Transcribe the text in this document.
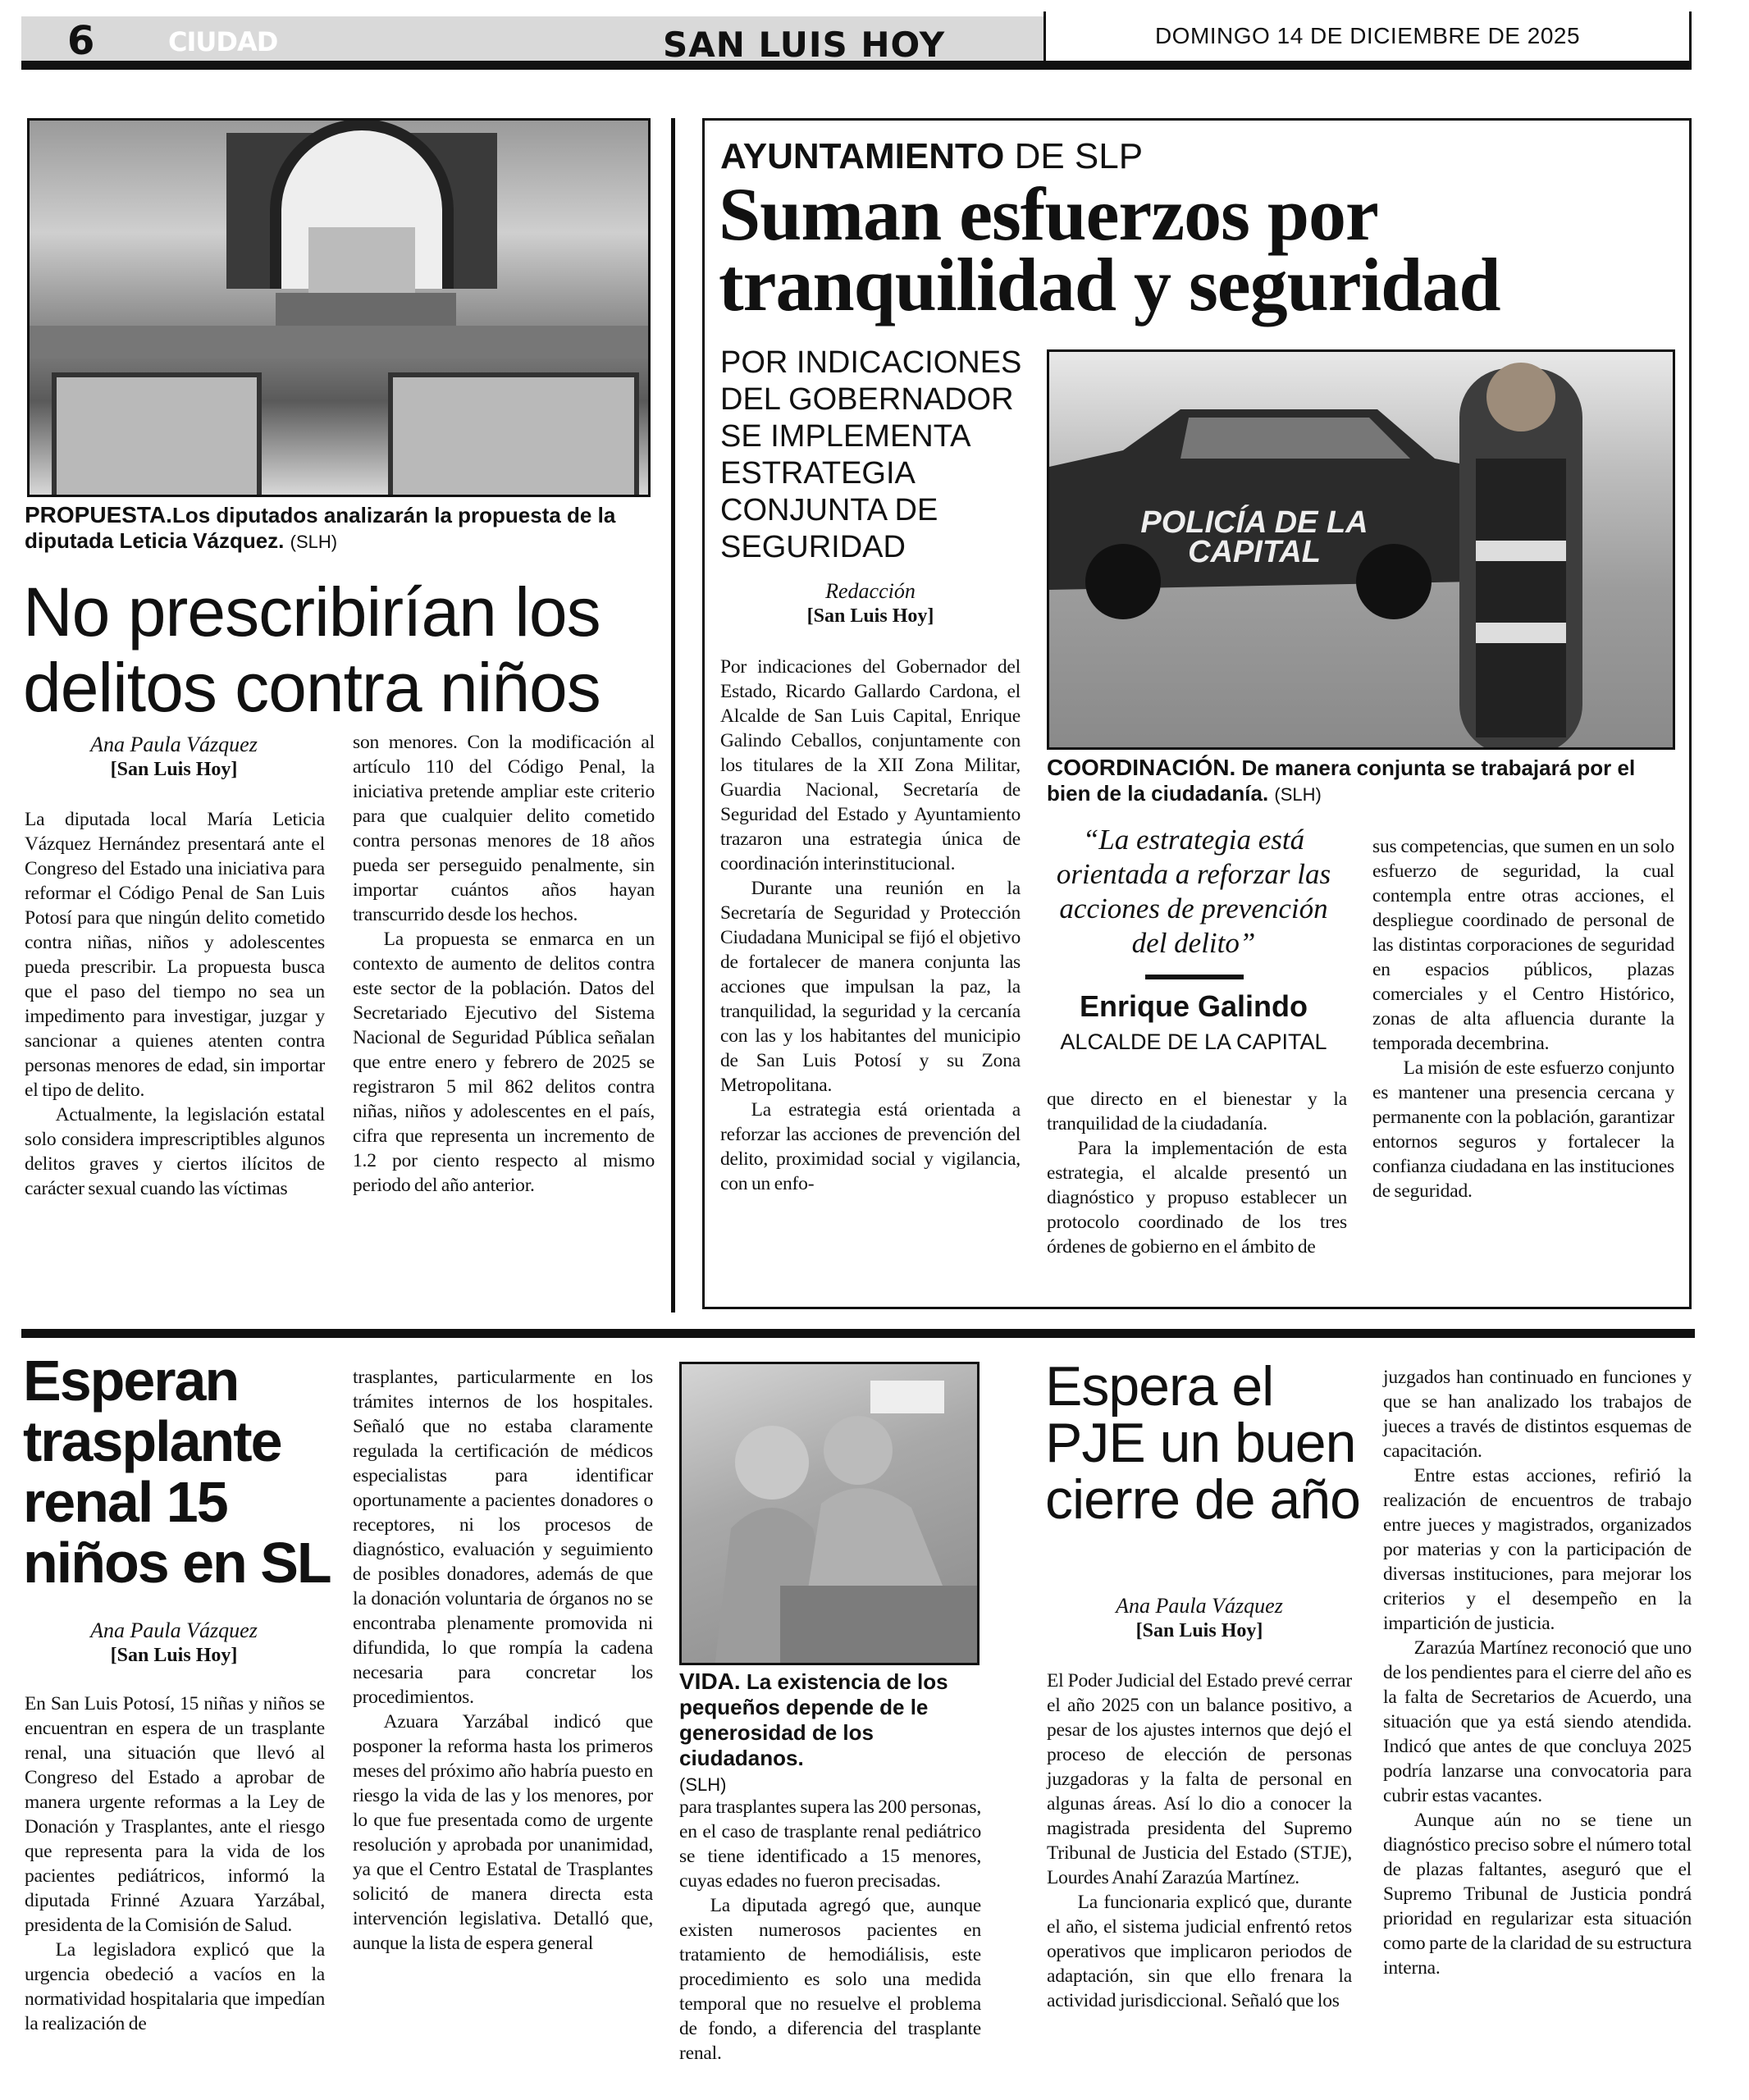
6	CIUDAD	SAN LUIS HOY	DOMINGO 14 DE DICIEMBRE DE 2025
PROPUESTA.Los diputados analizarán la propuesta de la diputada Leticia Vázquez. (SLH)
No prescribirían los delitos contra niños
Ana Paula Vázquez
[San Luis Hoy]

La diputada local María Leticia Vázquez Hernández presentará ante el Congreso del Estado una iniciativa para reformar el Código Penal de San Luis Potosí para que ningún delito cometido contra niñas, niños y adolescentes pueda prescribir. La propuesta busca que el paso del tiempo no sea un impedimento para investigar, juzgar y sancionar a quienes atenten contra personas menores de edad, sin importar el tipo de delito.

Actualmente, la legislación estatal solo considera imprescriptibles algunos delitos graves y ciertos ilícitos de carácter sexual cuando las víctimas

son menores. Con la modificación al artículo 110 del Código Penal, la iniciativa pretende ampliar este criterio para que cualquier delito cometido contra personas menores de 18 años pueda ser perseguido penalmente, sin importar cuántos años hayan transcurrido desde los hechos.

La propuesta se enmarca en un contexto de aumento de delitos contra este sector de la población. Datos del Secretariado Ejecutivo del Sistema Nacional de Seguridad Pública señalan que entre enero y febrero de 2025 se registraron 5 mil 862 delitos contra niñas, niños y adolescentes en el país, cifra que representa un incremento de 1.2 por ciento respecto al mismo periodo del año anterior.

AYUNTAMIENTO DE SLP
Suman esfuerzos por tranquilidad y seguridad
POR INDICACIONES DEL GOBERNADOR SE IMPLEMENTA ESTRATEGIA CONJUNTA DE SEGURIDAD
Redacción
[San Luis Hoy]
POLICÍA DE LA CAPITAL
COORDINACIÓN. De manera conjunta se trabajará por el bien de la ciudadanía. (SLH)
“La estrategia está orientada a reforzar las acciones de prevención del delito”
Enrique Galindo
ALCALDE DE LA CAPITAL

Por indicaciones del Gobernador del Estado, Ricardo Gallardo Cardona, el Alcalde de San Luis Capital, Enrique Galindo Ceballos, conjuntamente con los titulares de la XII Zona Militar, Guardia Nacional, Secretaría de Seguridad del Estado y Ayuntamiento trazaron una estrategia única de coordinación interinstitucional.

Durante una reunión en la Secretaría de Seguridad y Protección Ciudadana Municipal se fijó el objetivo de fortalecer de manera conjunta las acciones que impulsan la paz, la tranquilidad, la seguridad y la cercanía con las y los habitantes del municipio de San Luis Potosí y su Zona Metropolitana.

La estrategia está orientada a reforzar las acciones de prevención del delito, proximidad social y vigilancia, con un enfo-

que directo en el bienestar y la tranquilidad de la ciudadanía.

Para la implementación de esta estrategia, el alcalde presentó un diagnóstico y propuso establecer un protocolo coordinado de los tres órdenes de gobierno en el ámbito de

sus competencias, que sumen en un solo esfuerzo de seguridad, la cual contempla entre otras acciones, el despliegue coordinado de personal de las distintas corporaciones de seguridad en espacios públicos, plazas comerciales y el Centro Histórico, zonas de alta afluencia durante la temporada decembrina.

La misión de este esfuerzo conjunto es mantener una presencia cercana y permanente con la población, garantizar entornos seguros y fortalecer la confianza ciudadana en las instituciones de seguridad.

Esperan trasplante renal 15 niños en SL
Ana Paula Vázquez
[San Luis Hoy]

En San Luis Potosí, 15 niñas y niños se encuentran en espera de un trasplante renal, una situación que llevó al Congreso del Estado a aprobar de manera urgente reformas a la Ley de Donación y Trasplantes, ante el riesgo que representa para la vida de los pacientes pediátricos, informó la diputada Frinné Azuara Yarzábal, presidenta de la Comisión de Salud.

La legisladora explicó que la urgencia obedeció a vacíos en la normatividad hospitalaria que impedían la realización de

trasplantes, particularmente en los trámites internos de los hospitales. Señaló que no estaba claramente regulada la certificación de médicos especialistas para identificar oportunamente a pacientes donadores o receptores, ni los procesos de diagnóstico, evaluación y seguimiento de posibles donadores, además de que la donación voluntaria de órganos no se encontraba plenamente promovida ni difundida, lo que rompía la cadena necesaria para concretar los procedimientos.

Azuara Yarzábal indicó que posponer la reforma hasta los primeros meses del próximo año habría puesto en riesgo la vida de las y los menores, por lo que fue presentada como de urgente resolución y aprobada por unanimidad, ya que el Centro Estatal de Trasplantes solicitó de manera directa esta intervención legislativa. Detalló que, aunque la lista de espera general

VIDA. La existencia de los pequeños depende de le generosidad de los ciudadanos.
(SLH)

para trasplantes supera las 200 personas, en el caso de trasplante renal pediátrico se tiene identificado a 15 menores, cuyas edades no fueron precisadas.

La diputada agregó que, aunque existen numerosos pacientes en tratamiento de hemodiálisis, este procedimiento es solo una medida temporal que no resuelve el problema de fondo, a diferencia del trasplante renal.

Espera el PJE un buen cierre de año
Ana Paula Vázquez
[San Luis Hoy]

El Poder Judicial del Estado prevé cerrar el año 2025 con un balance positivo, a pesar de los ajustes internos que dejó el proceso de elección de personas juzgadoras y la falta de personal en algunas áreas. Así lo dio a conocer la magistrada presidenta del Supremo Tribunal de Justicia del Estado (STJE), Lourdes Anahí Zarazúa Martínez.

La funcionaria explicó que, durante el año, el sistema judicial enfrentó retos operativos que implicaron periodos de adaptación, sin que ello frenara la actividad jurisdiccional. Señaló que los

juzgados han continuado en funciones y que se han analizado los trabajos de jueces a través de distintos esquemas de capacitación.

Entre estas acciones, refirió la realización de encuentros de trabajo entre jueces y magistrados, organizados por materias y con la participación de diversas instituciones, para mejorar los criterios y el desempeño en la impartición de justicia.

Zarazúa Martínez reconoció que uno de los pendientes para el cierre del año es la falta de Secretarios de Acuerdo, una situación que ya está siendo atendida. Indicó que antes de que concluya 2025 podría lanzarse una convocatoria para cubrir estas vacantes.

Aunque aún no se tiene un diagnóstico preciso sobre el número total de plazas faltantes, aseguró que el Supremo Tribunal de Justicia pondrá prioridad en regularizar esta situación como parte de la claridad de su estructura interna.
